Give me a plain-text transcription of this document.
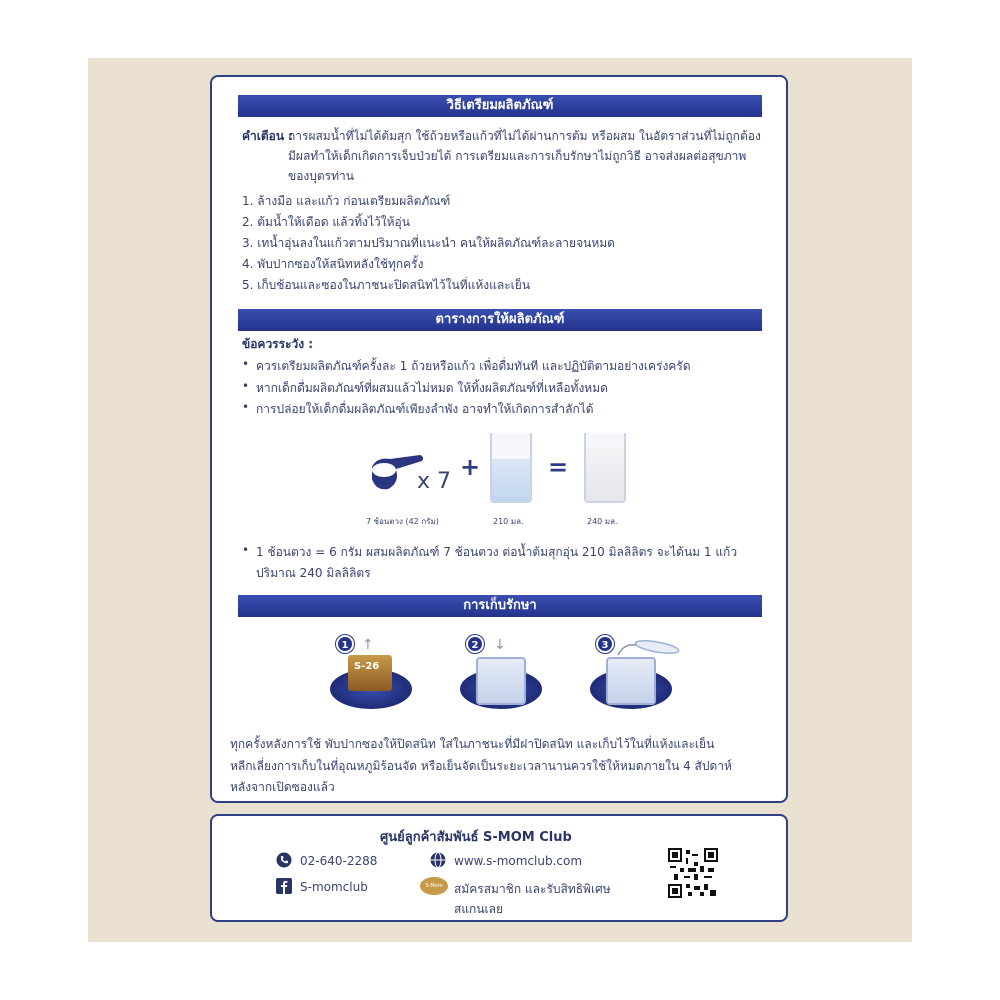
วิธีเตรียมผลิตภัณฑ์
คำเตือน :
การผสมน้ำที่ไม่ได้ต้มสุก ใช้ถ้วยหรือแก้วที่ไม่ได้ผ่านการต้ม หรือผสม ในอัตราส่วนที่ไม่ถูกต้อง
มีผลทำให้เด็กเกิดการเจ็บป่วยได้ การเตรียมและการเก็บรักษาไม่ถูกวิธี อาจส่งผลต่อสุขภาพ
ของบุตรท่าน
1. ล้างมือ และแก้ว ก่อนเตรียมผลิตภัณฑ์
2. ต้มน้ำให้เดือด แล้วทิ้งไว้ให้อุ่น
3. เทน้ำอุ่นลงในแก้วตามปริมาณที่แนะนำ คนให้ผลิตภัณฑ์ละลายจนหมด
4. พับปากซองให้สนิทหลังใช้ทุกครั้ง
5. เก็บช้อนและซองในภาชนะปิดสนิทไว้ในที่แห้งและเย็น
ตารางการให้ผลิตภัณฑ์
ข้อควรระวัง :
• ควรเตรียมผลิตภัณฑ์ครั้งละ 1 ถ้วยหรือแก้ว เพื่อดื่มทันที และปฏิบัติตามอย่างเคร่งครัด
• หากเด็กดื่มผลิตภัณฑ์ที่ผสมแล้วไม่หมด ให้ทิ้งผลิตภัณฑ์ที่เหลือทั้งหมด
• การปล่อยให้เด็กดื่มผลิตภัณฑ์เพียงลำพัง อาจทำให้เกิดการสำลักได้
x 7
+	=
7 ช้อนตวง (42 กรัม)	210 มล.	240 มล.
• 1 ช้อนตวง = 6 กรัม ผสมผลิตภัณฑ์ 7 ช้อนตวง ต่อน้ำต้มสุกอุ่น 210 มิลลิลิตร จะได้นม 1 แก้ว
ปริมาณ 240 มิลลิลิตร
การเก็บรักษา
S-26
↑
1	↓
2	3
ทุกครั้งหลังการใช้ พับปากซองให้ปิดสนิท ใส่ในภาชนะที่มีฝาปิดสนิท และเก็บไว้ในที่แห้งและเย็น
หลีกเลี่ยงการเก็บในที่อุณหภูมิร้อนจัด หรือเย็นจัดเป็นระยะเวลานานควรใช้ให้หมดภายใน 4 สัปดาห์
หลังจากเปิดซองแล้ว
ศูนย์ลูกค้าสัมพันธ์ S-MOM Club
02-640-2288
S-momclub
www.s-momclub.com
S-Mom Club
สมัครสมาชิก และรับสิทธิพิเศษ
สแกนเลย
